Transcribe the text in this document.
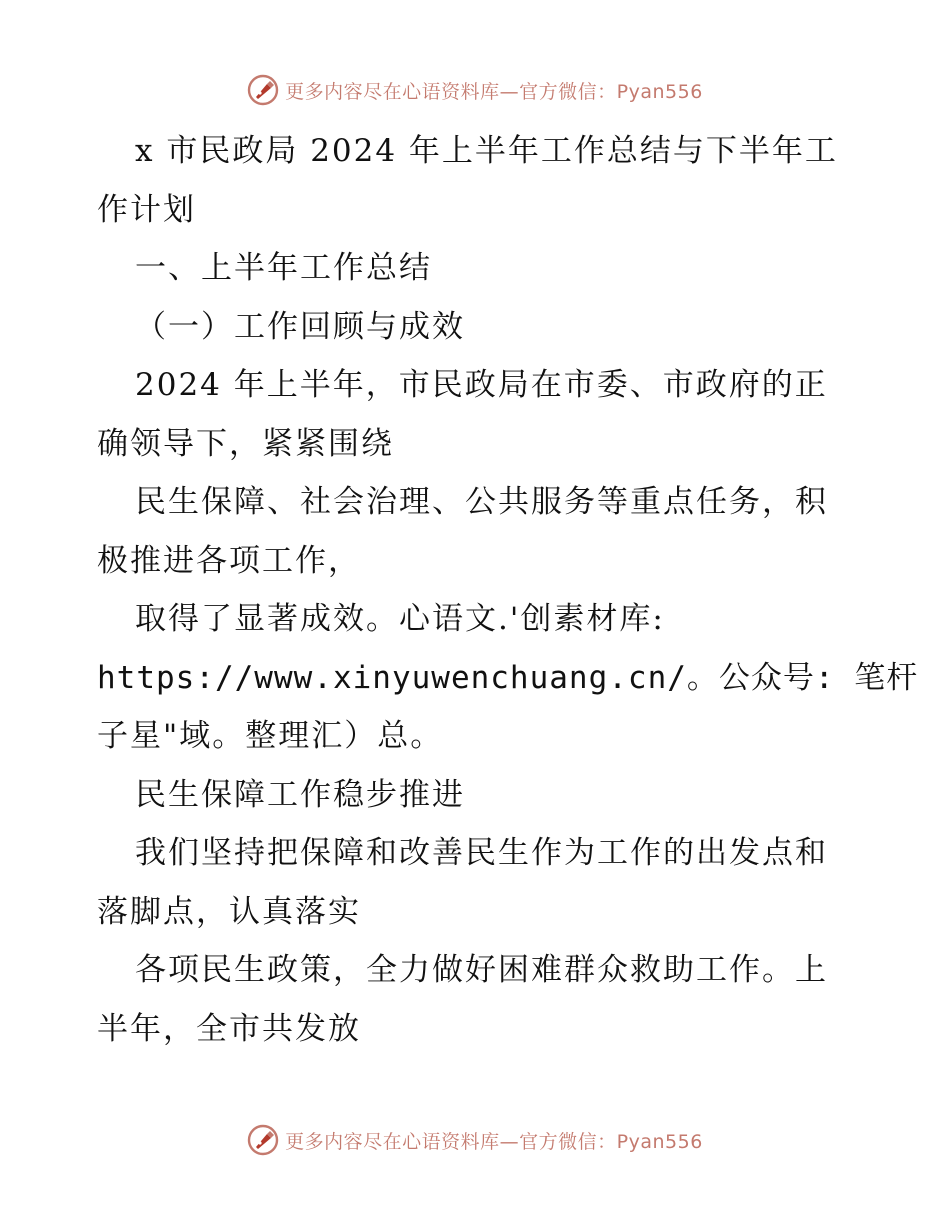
更多内容尽在心语资料库—官方微信：Pyan556
x 市民政局 2024 年上半年工作总结与下半年工
作计划
一、上半年工作总结
（一）工作回顾与成效
2024 年上半年，市民政局在市委、市政府的正
确领导下，紧紧围绕
民生保障、社会治理、公共服务等重点任务，积
极推进各项工作，
取得了显著成效。心语文.'创素材库:
https://www.xinyuwenchuang.cn/。公众号: 笔杆
子星"域。整理汇）总。
民生保障工作稳步推进
我们坚持把保障和改善民生作为工作的出发点和
落脚点，认真落实
各项民生政策，全力做好困难群众救助工作。上
半年，全市共发放
更多内容尽在心语资料库—官方微信：Pyan556
